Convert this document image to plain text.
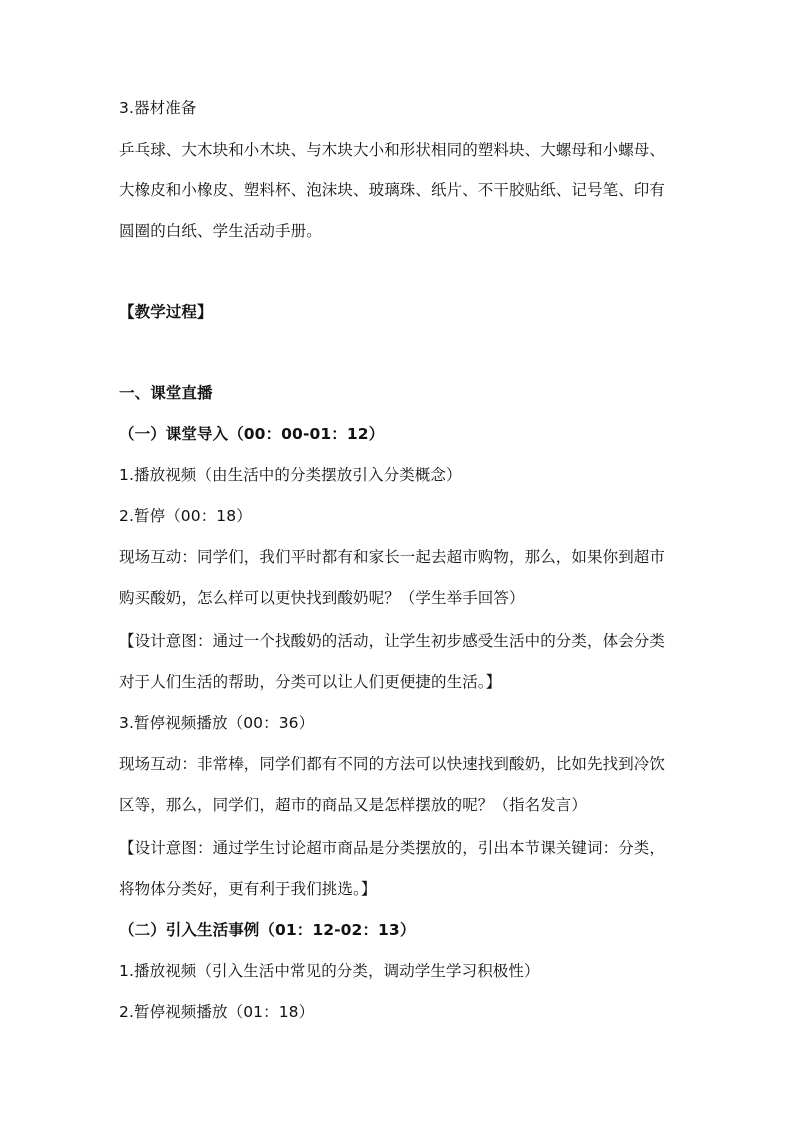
3.器材准备
乒乓球、大木块和小木块、与木块大小和形状相同的塑料块、大螺母和小螺母、
大橡皮和小橡皮、塑料杯、泡沫块、玻璃珠、纸片、不干胶贴纸、记号笔、印有
圆圈的白纸、学生活动手册。
【教学过程】
一、课堂直播
（一）课堂导入（00：00-01：12）
1.播放视频（由生活中的分类摆放引入分类概念）
2.暂停（00：18）
现场互动：同学们，我们平时都有和家长一起去超市购物，那么，如果你到超市
购买酸奶，怎么样可以更快找到酸奶呢？（学生举手回答）
【设计意图：通过一个找酸奶的活动，让学生初步感受生活中的分类，体会分类
对于人们生活的帮助，分类可以让人们更便捷的生活。】
3.暂停视频播放（00：36）
现场互动：非常棒，同学们都有不同的方法可以快速找到酸奶，比如先找到冷饮
区等，那么，同学们，超市的商品又是怎样摆放的呢？（指名发言）
【设计意图：通过学生讨论超市商品是分类摆放的，引出本节课关键词：分类，
将物体分类好，更有利于我们挑选。】
（二）引入生活事例（01：12-02：13）
1.播放视频（引入生活中常见的分类，调动学生学习积极性）
2.暂停视频播放（01：18）
